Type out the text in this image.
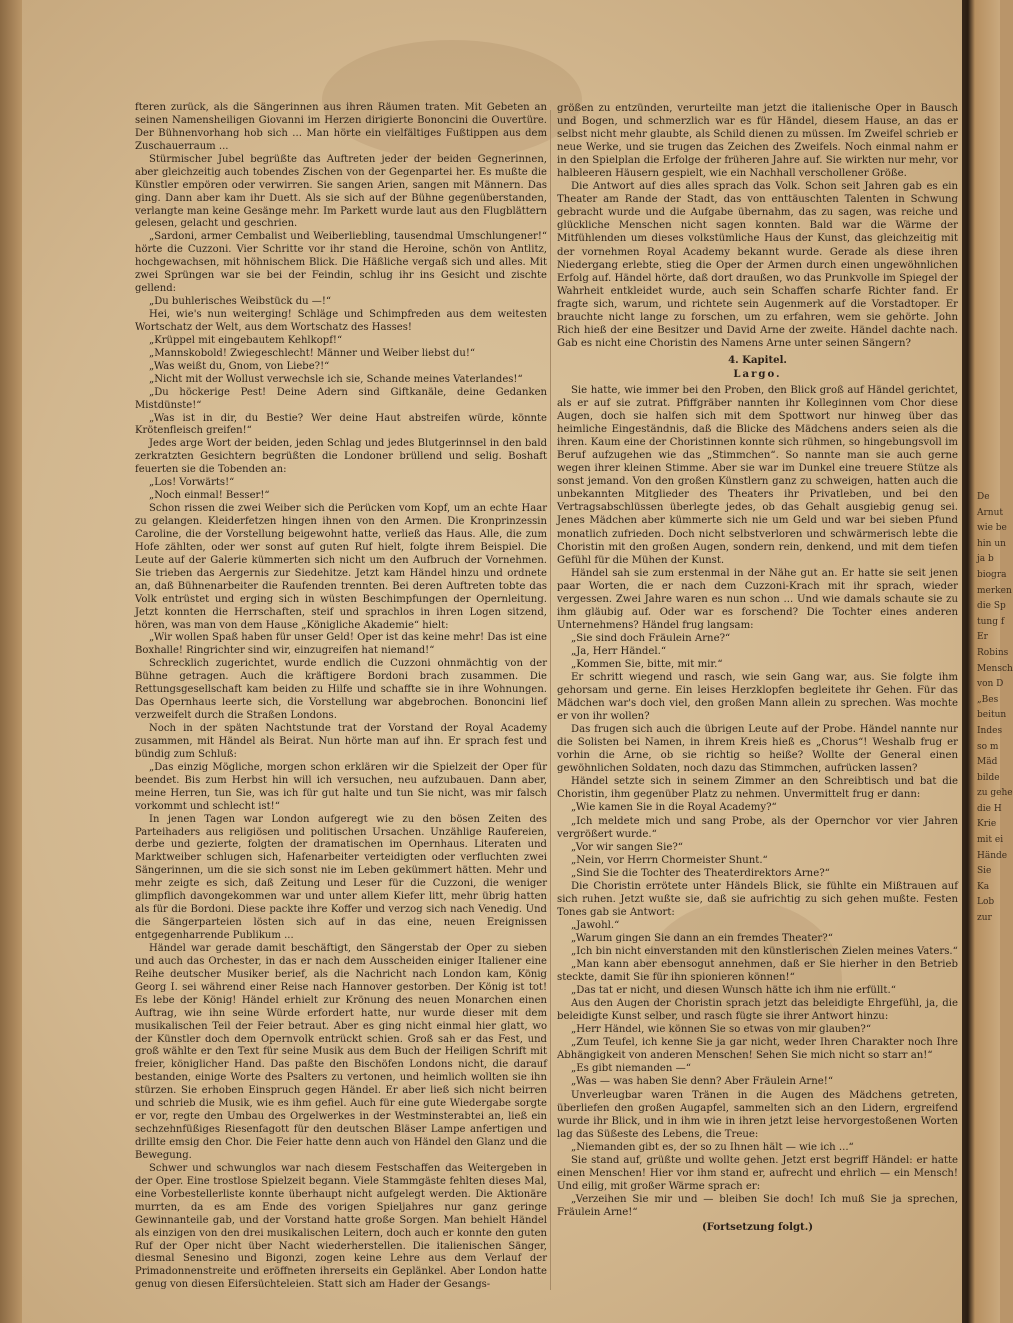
fteren zurück, als die Sängerinnen aus ihren Räumen traten. Mit Gebeten an seinen Namensheiligen Giovanni im Herzen dirigierte Bononcini die Ouvertüre. Der Bühnenvorhang hob sich ... Man hörte ein vielfältiges Fußtippen aus dem Zuschauerraum ...

Stürmischer Jubel begrüßte das Auftreten jeder der beiden Gegnerinnen, aber gleichzeitig auch tobendes Zischen von der Gegenpartei her. Es mußte die Künstler empören oder verwirren. Sie sangen Arien, sangen mit Männern. Das ging. Dann aber kam ihr Duett. Als sie sich auf der Bühne gegenüberstanden, verlangte man keine Gesänge mehr. Im Parkett wurde laut aus den Flugblättern gelesen, gelacht und geschrien.

„Sardoni, armer Cembalist und Weiberliebling, tausendmal Umschlungener!“ hörte die Cuzzoni. Vier Schritte vor ihr stand die Heroine, schön von Antlitz, hochgewachsen, mit höhnischem Blick. Die Häßliche vergaß sich und alles. Mit zwei Sprüngen war sie bei der Feindin, schlug ihr ins Gesicht und zischte gellend:

„Du buhlerisches Weibstück du —!“

Hei, wie's nun weiterging! Schläge und Schimpfreden aus dem weitesten Wortschatz der Welt, aus dem Wortschatz des Hasses!

„Krüppel mit eingebautem Kehlkopf!“

„Mannskobold! Zwiegeschlecht! Männer und Weiber liebst du!“

„Was weißt du, Gnom, von Liebe?!“

„Nicht mit der Wollust verwechsle ich sie, Schande meines Vaterlandes!“

„Du höckerige Pest! Deine Adern sind Giftkanäle, deine Gedanken Mistdünste!“

„Was ist in dir, du Bestie? Wer deine Haut abstreifen würde, könnte Krötenfleisch greifen!“

Jedes arge Wort der beiden, jeden Schlag und jedes Blutgerinnsel in den bald zerkratzten Gesichtern begrüßten die Londoner brüllend und selig. Boshaft feuerten sie die Tobenden an:

„Los! Vorwärts!“

„Noch einmal! Besser!“

Schon rissen die zwei Weiber sich die Perücken vom Kopf, um an echte Haar zu gelangen. Kleiderfetzen hingen ihnen von den Armen. Die Kronprinzessin Caroline, die der Vorstellung beigewohnt hatte, verließ das Haus. Alle, die zum Hofe zählten, oder wer sonst auf guten Ruf hielt, folgte ihrem Beispiel. Die Leute auf der Galerie kümmerten sich nicht um den Aufbruch der Vornehmen. Sie trieben das Aergernis zur Siedehitze. Jetzt kam Händel hinzu und ordnete an, daß Bühnenarbeiter die Raufenden trennten. Bei deren Auftreten tobte das Volk entrüstet und erging sich in wüsten Beschimpfungen der Opernleitung. Jetzt konnten die Herrschaften, steif und sprachlos in ihren Logen sitzend, hören, was man von dem Hause „Königliche Akademie“ hielt:

„Wir wollen Spaß haben für unser Geld! Oper ist das keine mehr! Das ist eine Boxhalle! Ringrichter sind wir, einzugreifen hat niemand!“

Schrecklich zugerichtet, wurde endlich die Cuzzoni ohnmächtig von der Bühne getragen. Auch die kräftigere Bordoni brach zusammen. Die Rettungsgesellschaft kam beiden zu Hilfe und schaffte sie in ihre Wohnungen. Das Opernhaus leerte sich, die Vorstellung war abgebrochen. Bononcini lief verzweifelt durch die Straßen Londons.

Noch in der späten Nachtstunde trat der Vorstand der Royal Academy zusammen, mit Händel als Beirat. Nun hörte man auf ihn. Er sprach fest und bündig zum Schluß:

„Das einzig Mögliche, morgen schon erklären wir die Spielzeit der Oper für beendet. Bis zum Herbst hin will ich versuchen, neu aufzubauen. Dann aber, meine Herren, tun Sie, was ich für gut halte und tun Sie nicht, was mir falsch vorkommt und schlecht ist!“

In jenen Tagen war London aufgeregt wie zu den bösen Zeiten des Parteihaders aus religiösen und politischen Ursachen. Unzählige Raufereien, derbe und gezierte, folgten der dramatischen im Opernhaus. Literaten und Marktweiber schlugen sich, Hafenarbeiter verteidigten oder verfluchten zwei Sängerinnen, um die sie sich sonst nie im Leben gekümmert hätten. Mehr und mehr zeigte es sich, daß Zeitung und Leser für die Cuzzoni, die weniger glimpflich davongekommen war und unter allem Kiefer litt, mehr übrig hatten als für die Bordoni. Diese packte ihre Koffer und verzog sich nach Venedig. Und die Sängerparteien lösten sich auf in das eine, neuen Ereignissen entgegenharrende Publikum ...

Händel war gerade damit beschäftigt, den Sängerstab der Oper zu sieben und auch das Orchester, in das er nach dem Ausscheiden einiger Italiener eine Reihe deutscher Musiker berief, als die Nachricht nach London kam, König Georg I. sei während einer Reise nach Hannover gestorben. Der König ist tot! Es lebe der König! Händel erhielt zur Krönung des neuen Monarchen einen Auftrag, wie ihn seine Würde erfordert hatte, nur wurde dieser mit dem musikalischen Teil der Feier betraut. Aber es ging nicht einmal hier glatt, wo der Künstler doch dem Opernvolk entrückt schien. Groß sah er das Fest, und groß wählte er den Text für seine Musik aus dem Buch der Heiligen Schrift mit freier, königlicher Hand. Das paßte den Bischöfen Londons nicht, die darauf bestanden, einige Worte des Psalters zu vertonen, und heimlich wollten sie ihn stürzen. Sie erhoben Einspruch gegen Händel. Er aber ließ sich nicht beirren und schrieb die Musik, wie es ihm gefiel. Auch für eine gute Wiedergabe sorgte er vor, regte den Umbau des Orgelwerkes in der Westminsterabtei an, ließ ein sechzehnfüßiges Riesenfagott für den deutschen Bläser Lampe anfertigen und drillte emsig den Chor. Die Feier hatte denn auch von Händel den Glanz und die Bewegung.

Schwer und schwunglos war nach diesem Festschaffen das Weitergeben in der Oper. Eine trostlose Spielzeit begann. Viele Stammgäste fehlten dieses Mal, eine Vorbestellerliste konnte überhaupt nicht aufgelegt werden. Die Aktionäre murrten, da es am Ende des vorigen Spieljahres nur ganz geringe Gewinnanteile gab, und der Vorstand hatte große Sorgen. Man behielt Händel als einzigen von den drei musikalischen Leitern, doch auch er konnte den guten Ruf der Oper nicht über Nacht wiederherstellen. Die italienischen Sänger, diesmal Senesino und Bigonzi, zogen keine Lehre aus dem Verlauf der Primadonnenstreite und eröffneten ihrerseits ein Geplänkel. Aber London hatte genug von diesen Eifersüchteleien. Statt sich am Hader der Gesangs-

größen zu entzünden, verurteilte man jetzt die italienische Oper in Bausch und Bogen, und schmerzlich war es für Händel, diesem Hause, an das er selbst nicht mehr glaubte, als Schild dienen zu müssen. Im Zweifel schrieb er neue Werke, und sie trugen das Zeichen des Zweifels. Noch einmal nahm er in den Spielplan die Erfolge der früheren Jahre auf. Sie wirkten nur mehr, vor halbleeren Häusern gespielt, wie ein Nachhall verschollener Größe.

Die Antwort auf dies alles sprach das Volk. Schon seit Jahren gab es ein Theater am Rande der Stadt, das von enttäuschten Talenten in Schwung gebracht wurde und die Aufgabe übernahm, das zu sagen, was reiche und glückliche Menschen nicht sagen konnten. Bald war die Wärme der Mitfühlenden um dieses volkstümliche Haus der Kunst, das gleichzeitig mit der vornehmen Royal Academy bekannt wurde. Gerade als diese ihren Niedergang erlebte, stieg die Oper der Armen durch einen ungewöhnlichen Erfolg auf. Händel hörte, daß dort draußen, wo das Prunkvolle im Spiegel der Wahrheit entkleidet wurde, auch sein Schaffen scharfe Richter fand. Er fragte sich, warum, und richtete sein Augenmerk auf die Vorstadtoper. Er brauchte nicht lange zu forschen, um zu erfahren, wem sie gehörte. John Rich hieß der eine Besitzer und David Arne der zweite. Händel dachte nach. Gab es nicht eine Choristin des Namens Arne unter seinen Sängern?

4. Kapitel.

Largo.

Sie hatte, wie immer bei den Proben, den Blick groß auf Händel gerichtet, als er auf sie zutrat. Pfiffgräber nannten ihr Kolleginnen vom Chor diese Augen, doch sie halfen sich mit dem Spottwort nur hinweg über das heimliche Eingeständnis, daß die Blicke des Mädchens anders seien als die ihren. Kaum eine der Choristinnen konnte sich rühmen, so hingebungsvoll im Beruf aufzugehen wie das „Stimmchen“. So nannte man sie auch gerne wegen ihrer kleinen Stimme. Aber sie war im Dunkel eine treuere Stütze als sonst jemand. Von den großen Künstlern ganz zu schweigen, hatten auch die unbekannten Mitglieder des Theaters ihr Privatleben, und bei den Vertragsabschlüssen überlegte jedes, ob das Gehalt ausgiebig genug sei. Jenes Mädchen aber kümmerte sich nie um Geld und war bei sieben Pfund monatlich zufrieden. Doch nicht selbstverloren und schwärmerisch lebte die Choristin mit den großen Augen, sondern rein, denkend, und mit dem tiefen Gefühl für die Mühen der Kunst.

Händel sah sie zum erstenmal in der Nähe gut an. Er hatte sie seit jenen paar Worten, die er nach dem Cuzzoni-Krach mit ihr sprach, wieder vergessen. Zwei Jahre waren es nun schon ... Und wie damals schaute sie zu ihm gläubig auf. Oder war es forschend? Die Tochter eines anderen Unternehmens? Händel frug langsam:

„Sie sind doch Fräulein Arne?“

„Ja, Herr Händel.“

„Kommen Sie, bitte, mit mir.“

Er schritt wiegend und rasch, wie sein Gang war, aus. Sie folgte ihm gehorsam und gerne. Ein leises Herzklopfen begleitete ihr Gehen. Für das Mädchen war's doch viel, den großen Mann allein zu sprechen. Was mochte er von ihr wollen?

Das frugen sich auch die übrigen Leute auf der Probe. Händel nannte nur die Solisten bei Namen, in ihrem Kreis hieß es „Chorus“! Weshalb frug er vorhin die Arne, ob sie richtig so heiße? Wollte der General einen gewöhnlichen Soldaten, noch dazu das Stimmchen, aufrücken lassen?

Händel setzte sich in seinem Zimmer an den Schreibtisch und bat die Choristin, ihm gegenüber Platz zu nehmen. Unvermittelt frug er dann:

„Wie kamen Sie in die Royal Academy?“

„Ich meldete mich und sang Probe, als der Opernchor vor vier Jahren vergrößert wurde.“

„Vor wir sangen Sie?“

„Nein, vor Herrn Chormeister Shunt.“

„Sind Sie die Tochter des Theaterdirektors Arne?“

Die Choristin errötete unter Händels Blick, sie fühlte ein Mißtrauen auf sich ruhen. Jetzt wußte sie, daß sie aufrichtig zu sich gehen mußte. Festen Tones gab sie Antwort:

„Jawohl.“

„Warum gingen Sie dann an ein fremdes Theater?“

„Ich bin nicht einverstanden mit den künstlerischen Zielen meines Vaters.“

„Man kann aber ebensogut annehmen, daß er Sie hierher in den Betrieb steckte, damit Sie für ihn spionieren können!“

„Das tat er nicht, und diesen Wunsch hätte ich ihm nie erfüllt.“

Aus den Augen der Choristin sprach jetzt das beleidigte Ehrgefühl, ja, die beleidigte Kunst selber, und rasch fügte sie ihrer Antwort hinzu:

„Herr Händel, wie können Sie so etwas von mir glauben?“

„Zum Teufel, ich kenne Sie ja gar nicht, weder Ihren Charakter noch Ihre Abhängigkeit von anderen Menschen! Sehen Sie mich nicht so starr an!“

„Es gibt niemanden —“

„Was — was haben Sie denn? Aber Fräulein Arne!“

Unverleugbar waren Tränen in die Augen des Mädchens getreten, überliefen den großen Augapfel, sammelten sich an den Lidern, ergreifend wurde ihr Blick, und in ihm wie in ihren jetzt leise hervorgestoßenen Worten lag das Süßeste des Lebens, die Treue:

„Niemanden gibt es, der so zu Ihnen hält — wie ich ...“

Sie stand auf, grüßte und wollte gehen. Jetzt erst begriff Händel: er hatte einen Menschen! Hier vor ihm stand er, aufrecht und ehrlich — ein Mensch! Und eilig, mit großer Wärme sprach er:

„Verzeihen Sie mir und — bleiben Sie doch! Ich muß Sie ja sprechen, Fräulein Arne!“

(Fortsetzung folgt.)

De
Arnut
wie be
hin un
ja b
biogra
merken
die Sp
tung f
Er
Robins
Mensch
von D
„Bes
beitun
Indes
so m
Mäd
bilde
zu gehe
die H
Krie
mit ei
Hände
Sie
Ka
Lob
zur
